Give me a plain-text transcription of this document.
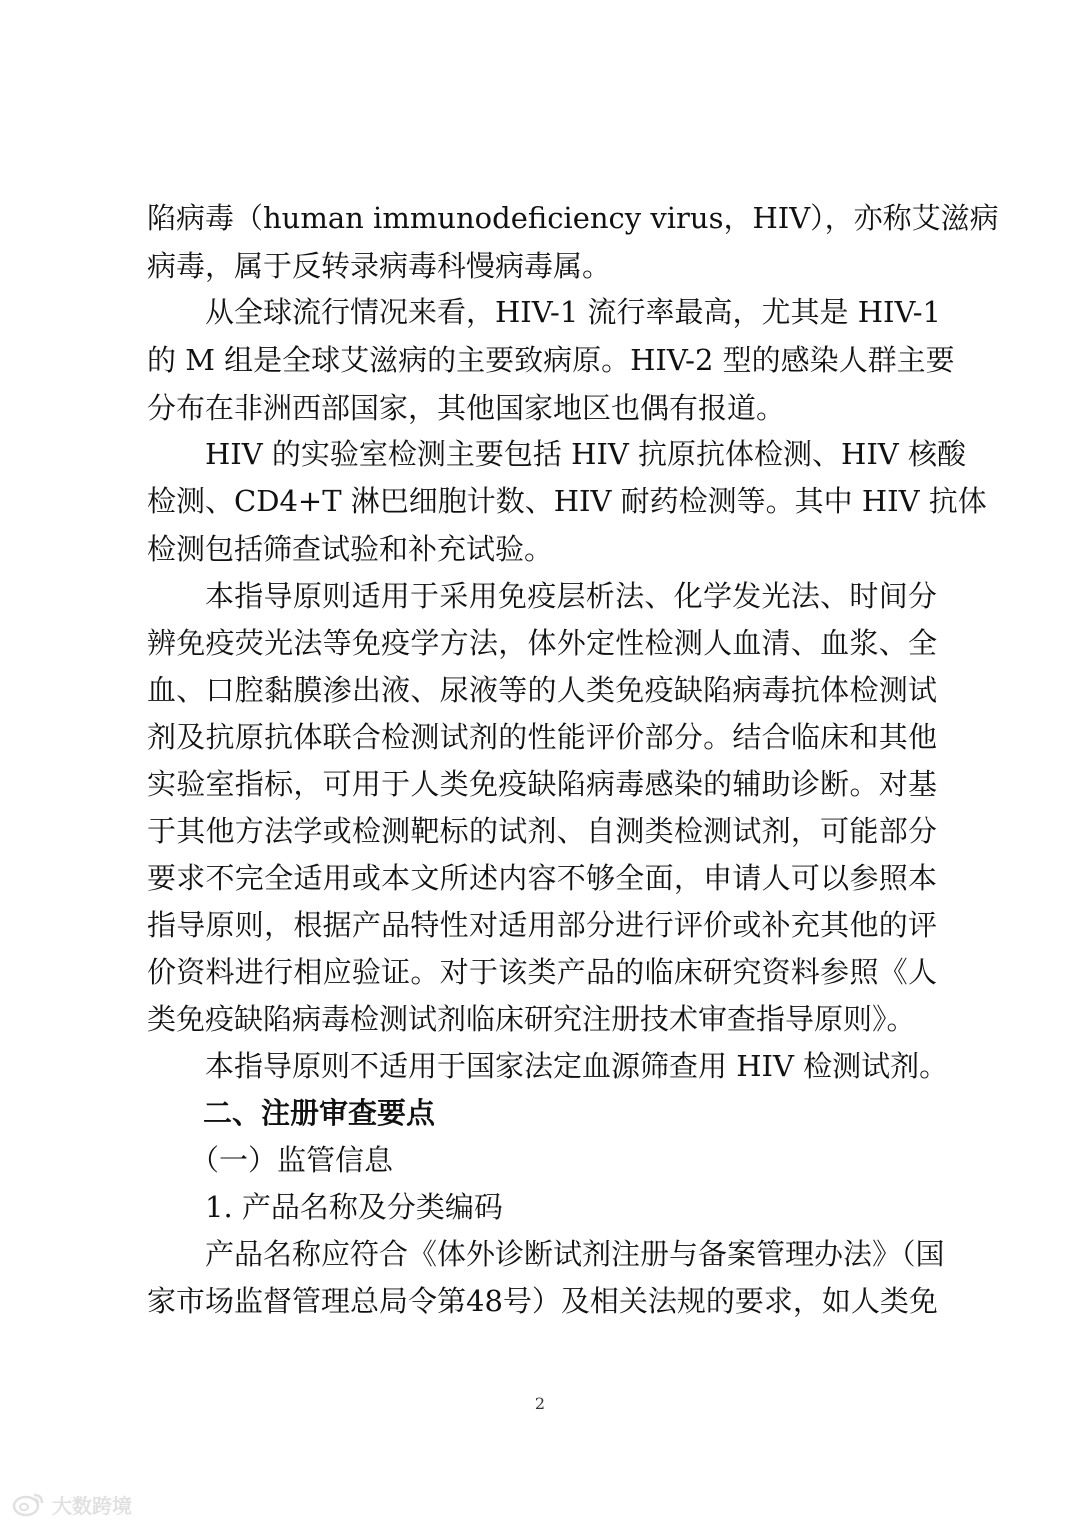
陷病毒（human immunodeficiency virus，HIV），亦称艾滋病
病毒，属于反转录病毒科慢病毒属。
从全球流行情况来看，HIV-1 流行率最高，尤其是 HIV-1
的 M 组是全球艾滋病的主要致病原。HIV-2 型的感染人群主要
分布在非洲西部国家，其他国家地区也偶有报道。
HIV 的实验室检测主要包括 HIV 抗原抗体检测、HIV 核酸
检测、CD4+T 淋巴细胞计数、HIV 耐药检测等。其中 HIV 抗体
检测包括筛查试验和补充试验。
本指导原则适用于采用免疫层析法、化学发光法、时间分
辨免疫荧光法等免疫学方法，体外定性检测人血清、血浆、全
血、口腔黏膜渗出液、尿液等的人类免疫缺陷病毒抗体检测试
剂及抗原抗体联合检测试剂的性能评价部分。结合临床和其他
实验室指标，可用于人类免疫缺陷病毒感染的辅助诊断。对基
于其他方法学或检测靶标的试剂、自测类检测试剂，可能部分
要求不完全适用或本文所述内容不够全面，申请人可以参照本
指导原则，根据产品特性对适用部分进行评价或补充其他的评
价资料进行相应验证。对于该类产品的临床研究资料参照《人
类免疫缺陷病毒检测试剂临床研究注册技术审查指导原则》。
本指导原则不适用于国家法定血源筛查用 HIV 检测试剂。
二、注册审查要点
（一）监管信息
1. 产品名称及分类编码
产品名称应符合《体外诊断试剂注册与备案管理办法》（国
家市场监督管理总局令第48号）及相关法规的要求，如人类免
2
大数跨境
